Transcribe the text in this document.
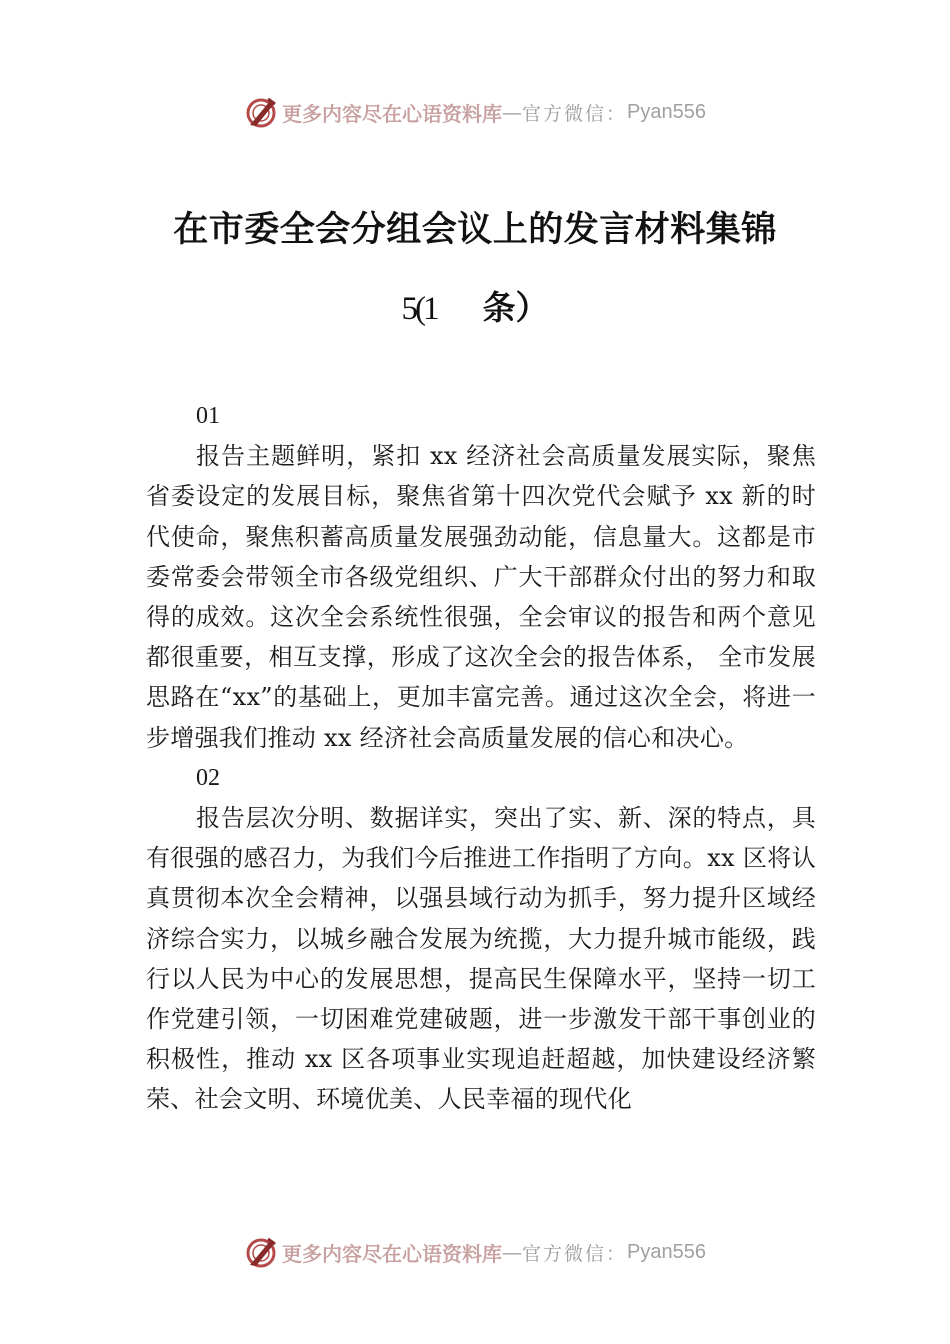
更多内容尽在心语资料库 — 官方微信： Pyan556
在市委全会分组会议上的发言材料集锦
5(1 条）
01

报告主题鲜明，紧扣 xx 经济社会高质量发展实际，聚焦省委设定的发展目标，聚焦省第十四次党代会赋予 xx 新的时代使命，聚焦积蓄高质量发展强劲动能，信息量大。这都是市委常委会带领全市各级党组织、广大干部群众付出的努力和取得的成效。这次全会系统性很强，全会审议的报告和两个意见都很重要，相互支撑，形成了这次全会的报告体系， 全市发展思路在“xx”的基础上，更加丰富完善。通过这次全会，将进一步增强我们推动 xx 经济社会高质量发展的信心和决心。

02

报告层次分明、数据详实，突出了实、新、深的特点，具有很强的感召力，为我们今后推进工作指明了方向。xx 区将认真贯彻本次全会精神，以强县域行动为抓手，努力提升区域经济综合实力，以城乡融合发展为统揽，大力提升城市能级，践行以人民为中心的发展思想，提高民生保障水平，坚持一切工作党建引领，一切困难党建破题，进一步激发干部干事创业的积极性，推动 xx 区各项事业实现追赶超越，加快建设经济繁荣、社会文明、环境优美、人民幸福的现代化

更多内容尽在心语资料库 — 官方微信： Pyan556
